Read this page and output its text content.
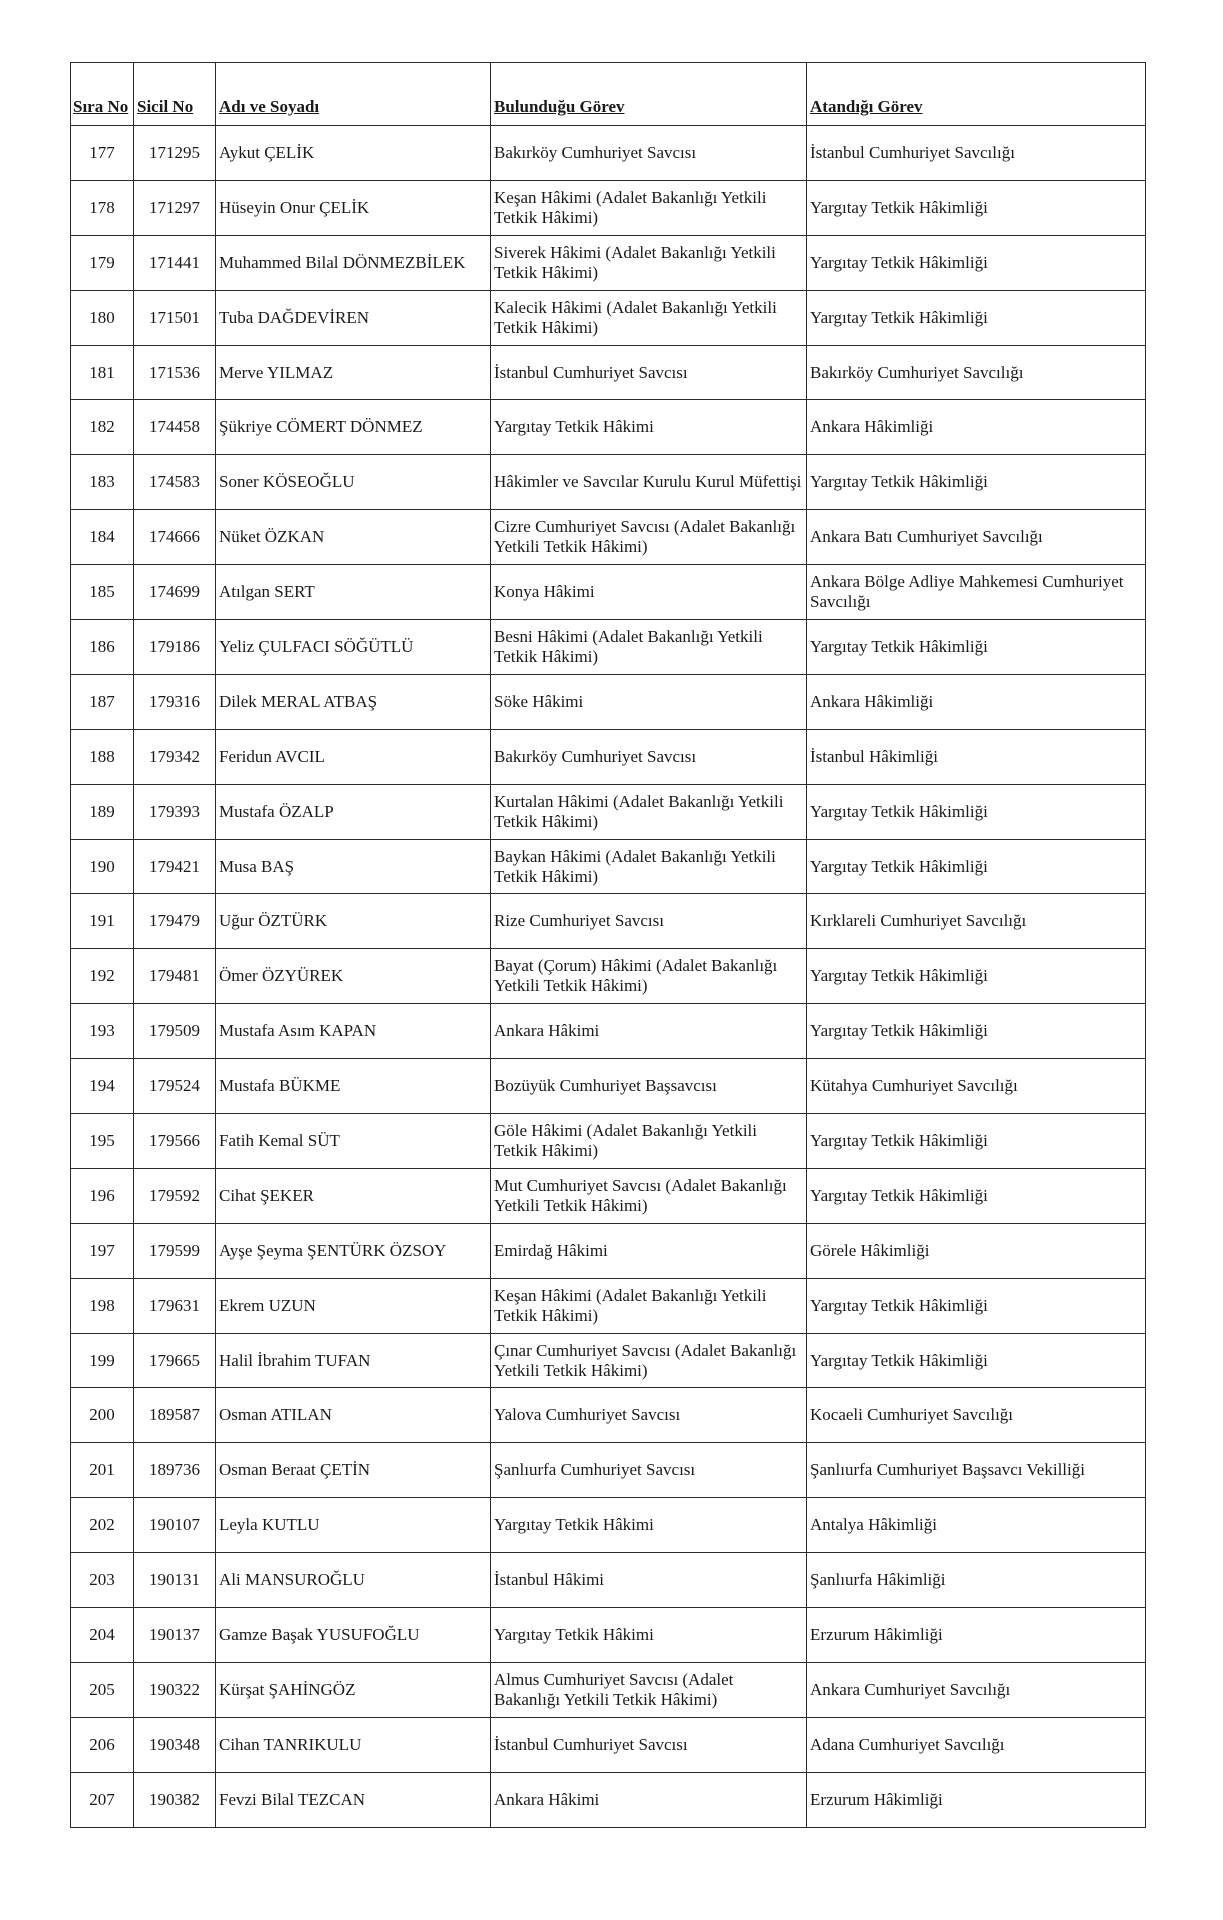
Sıra No	Sicil No	Adı ve Soyadı	Bulunduğu Görev	Atandığı Görev
177	171295	Aykut ÇELİK	Bakırköy Cumhuriyet Savcısı	İstanbul Cumhuriyet Savcılığı
178	171297	Hüseyin Onur ÇELİK	Keşan Hâkimi (Adalet Bakanlığı Yetkili Tetkik Hâkimi)	Yargıtay Tetkik Hâkimliği
179	171441	Muhammed Bilal DÖNMEZBİLEK	Siverek Hâkimi (Adalet Bakanlığı Yetkili Tetkik Hâkimi)	Yargıtay Tetkik Hâkimliği
180	171501	Tuba DAĞDEVİREN	Kalecik Hâkimi (Adalet Bakanlığı Yetkili Tetkik Hâkimi)	Yargıtay Tetkik Hâkimliği
181	171536	Merve YILMAZ	İstanbul Cumhuriyet Savcısı	Bakırköy Cumhuriyet Savcılığı
182	174458	Şükriye CÖMERT DÖNMEZ	Yargıtay Tetkik Hâkimi	Ankara Hâkimliği
183	174583	Soner KÖSEOĞLU	Hâkimler ve Savcılar Kurulu Kurul Müfettişi	Yargıtay Tetkik Hâkimliği
184	174666	Nüket ÖZKAN	Cizre Cumhuriyet Savcısı (Adalet Bakanlığı Yetkili Tetkik Hâkimi)	Ankara Batı Cumhuriyet Savcılığı
185	174699	Atılgan SERT	Konya Hâkimi	Ankara Bölge Adliye Mahkemesi Cumhuriyet Savcılığı
186	179186	Yeliz ÇULFACI SÖĞÜTLÜ	Besni Hâkimi (Adalet Bakanlığı Yetkili Tetkik Hâkimi)	Yargıtay Tetkik Hâkimliği
187	179316	Dilek MERAL ATBAŞ	Söke Hâkimi	Ankara Hâkimliği
188	179342	Feridun AVCIL	Bakırköy Cumhuriyet Savcısı	İstanbul Hâkimliği
189	179393	Mustafa ÖZALP	Kurtalan Hâkimi (Adalet Bakanlığı Yetkili Tetkik Hâkimi)	Yargıtay Tetkik Hâkimliği
190	179421	Musa BAŞ	Baykan Hâkimi (Adalet Bakanlığı Yetkili Tetkik Hâkimi)	Yargıtay Tetkik Hâkimliği
191	179479	Uğur ÖZTÜRK	Rize Cumhuriyet Savcısı	Kırklareli Cumhuriyet Savcılığı
192	179481	Ömer ÖZYÜREK	Bayat (Çorum) Hâkimi (Adalet Bakanlığı Yetkili Tetkik Hâkimi)	Yargıtay Tetkik Hâkimliği
193	179509	Mustafa Asım KAPAN	Ankara Hâkimi	Yargıtay Tetkik Hâkimliği
194	179524	Mustafa BÜKME	Bozüyük Cumhuriyet Başsavcısı	Kütahya Cumhuriyet Savcılığı
195	179566	Fatih Kemal SÜT	Göle Hâkimi (Adalet Bakanlığı Yetkili Tetkik Hâkimi)	Yargıtay Tetkik Hâkimliği
196	179592	Cihat ŞEKER	Mut Cumhuriyet Savcısı (Adalet Bakanlığı Yetkili Tetkik Hâkimi)	Yargıtay Tetkik Hâkimliği
197	179599	Ayşe Şeyma ŞENTÜRK ÖZSOY	Emirdağ Hâkimi	Görele Hâkimliği
198	179631	Ekrem UZUN	Keşan Hâkimi (Adalet Bakanlığı Yetkili Tetkik Hâkimi)	Yargıtay Tetkik Hâkimliği
199	179665	Halil İbrahim TUFAN	Çınar Cumhuriyet Savcısı (Adalet Bakanlığı Yetkili Tetkik Hâkimi)	Yargıtay Tetkik Hâkimliği
200	189587	Osman ATILAN	Yalova Cumhuriyet Savcısı	Kocaeli Cumhuriyet Savcılığı
201	189736	Osman Beraat ÇETİN	Şanlıurfa Cumhuriyet Savcısı	Şanlıurfa Cumhuriyet Başsavcı Vekilliği
202	190107	Leyla KUTLU	Yargıtay Tetkik Hâkimi	Antalya Hâkimliği
203	190131	Ali MANSUROĞLU	İstanbul Hâkimi	Şanlıurfa Hâkimliği
204	190137	Gamze Başak YUSUFOĞLU	Yargıtay Tetkik Hâkimi	Erzurum Hâkimliği
205	190322	Kürşat ŞAHİNGÖZ	Almus Cumhuriyet Savcısı (Adalet Bakanlığı Yetkili Tetkik Hâkimi)	Ankara Cumhuriyet Savcılığı
206	190348	Cihan TANRIKULU	İstanbul Cumhuriyet Savcısı	Adana Cumhuriyet Savcılığı
207	190382	Fevzi Bilal TEZCAN	Ankara Hâkimi	Erzurum Hâkimliği
